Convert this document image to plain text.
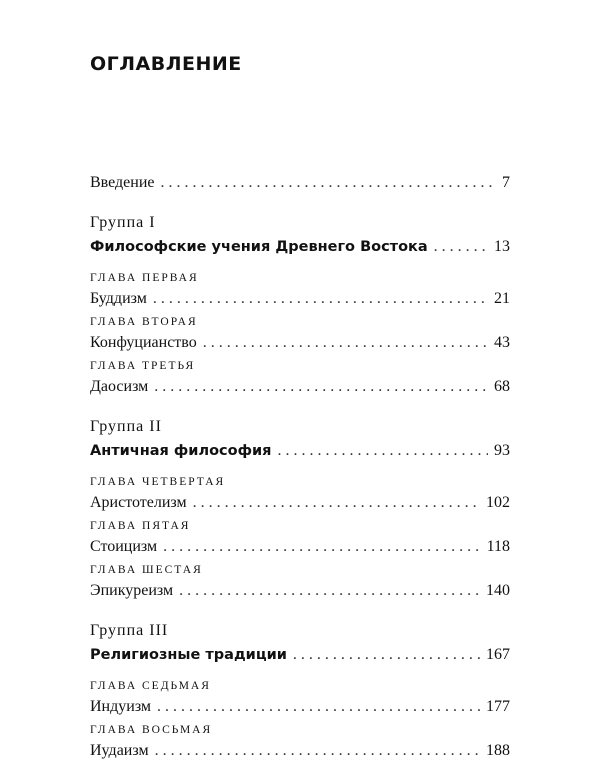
оглавление
Введение . . .	7
Группа I
Философские учения Древнего Востока . . .	13
ГЛАВА ПЕРВАЯ
Буддизм . . .	21
ГЛАВА ВТОРАЯ
Конфуцианство . . .	43
ГЛАВА ТРЕТЬЯ
Даосизм . . .	68
Группа II
Античная философия . . .	93
ГЛАВА ЧЕТВЕРТАЯ
Аристотелизм . . .	102
ГЛАВА ПЯТАЯ
Стоицизм . . .	118
ГЛАВА ШЕСТАЯ
Эпикуреизм . . .	140
Группа III
Религиозные традиции . . .	167
ГЛАВА СЕДЬМАЯ
Индуизм . . .	177
ГЛАВА ВОСЬМАЯ
Иудаизм . . .	188
